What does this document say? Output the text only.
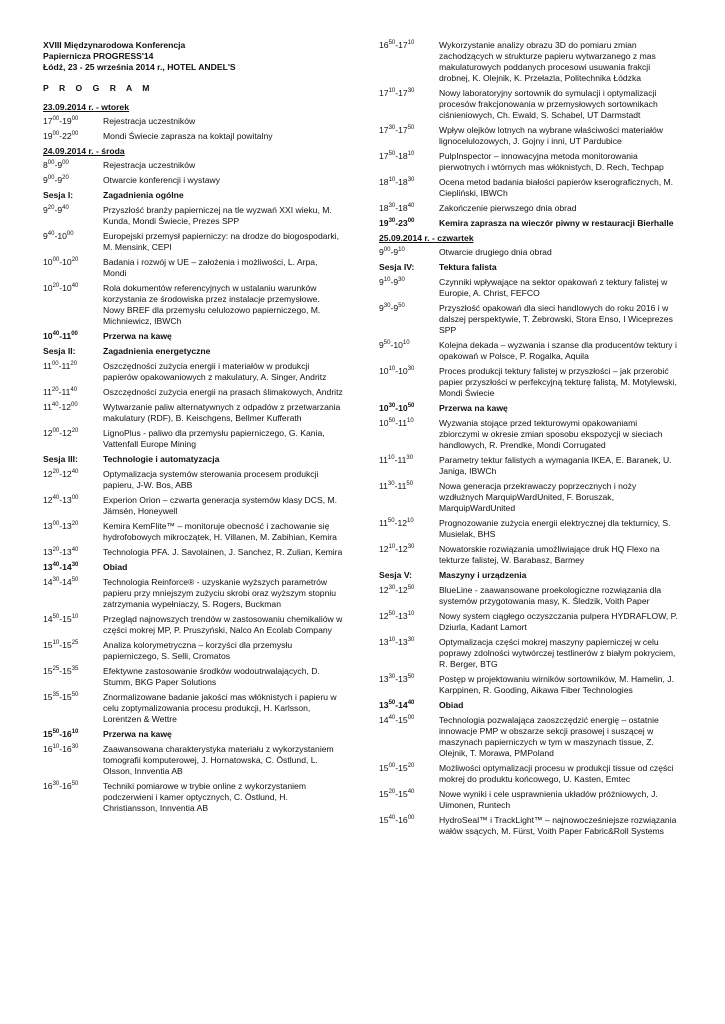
XVIII Międzynarodowa Konferencja

Papiernicza PROGRESS'14

Łódź, 23 - 25 września 2014 r., HOTEL ANDEL'S

P R O G R A M

23.09.2014 r. - wtorek
$17^{00}-19^{00}$	Rejestracja uczestników
$19^{00}-22^{00}$	Mondi Świecie zaprasza na koktajl powitalny
24.09.2014 r. - środa
$8^{00}-9^{00}$	Rejestracja uczestników
$9^{00}-9^{20}$	Otwarcie konferencji i wystawy
Sesja I:	Zagadnienia ogólne
$9^{20}-9^{40}$	Przyszłość branży papierniczej na tle wyzwań XXI wieku, M. Kunda, Mondi Świecie, Prezes SPP
$9^{40}-10^{00}$	Europejski przemysł papierniczy: na drodze do biogospodarki, M. Mensink, CEPI
$10^{00}-10^{20}$	Badania i rozwój w UE – założenia i możliwości, L. Arpa, Mondi
$10^{20}-10^{40}$	Rola dokumentów referencyjnych w ustalaniu warunków korzystania ze środowiska przez instalacje przemysłowe. Nowy BREF dla przemysłu celulozowo papierniczego, M. Michniewicz, IBWCh
$10^{40}-11^{00}$	Przerwa na kawę
Sesja II:	Zagadnienia energetyczne
$11^{00}-11^{20}$	Oszczędności zużycia energii i materiałów w produkcji papierów opakowaniowych z makulatury, A. Singer, Andritz
$11^{20}-11^{40}$	Oszczędności zużycia energii na prasach ślimakowych, Andritz
$11^{40}-12^{00}$	Wytwarzanie paliw alternatywnych z odpadów z przetwarzania makulatury (RDF), B. Keischgens, Bellmer Kufferath
$12^{00}-12^{20}$	LignoPlus - paliwo dla przemysłu papierniczego, G. Kania, Vattenfall Europe Mining
Sesja III:	Technologie i automatyzacja
$12^{20}-12^{40}$	Optymalizacja systemów sterowania procesem produkcji papieru, J-W. Bos, ABB
$12^{40}-13^{00}$	Experion Orion – czwarta generacja systemów klasy DCS, M. Jämsén, Honeywell
$13^{00}-13^{20}$	Kemira KemFlite™ – monitoruje obecność i zachowanie się hydrofobowych mikroczątek, H. Villanen, M. Zabihian, Kemira
$13^{20}-13^{40}$	Technologia PFA. J. Savolainen, J. Sanchez, R. Zulian, Kemira
$13^{40}-14^{30}$	Obiad
$14^{30}-14^{50}$	Technologia Reinforce® - uzyskanie wyższych parametrów papieru przy mniejszym zużyciu skrobi oraz wyższym stopniu zatrzymania wypełniaczy, S. Rogers, Buckman
$14^{50}-15^{10}$	Przegląd najnowszych trendów w zastosowaniu chemikaliów w części mokrej MP, P. Pruszyński, Nalco An Ecolab Company
$15^{10}-15^{25}$	Analiza kolorymetryczna – korzyści dla przemysłu papierniczego, S. Selli, Cromatos
$15^{25}-15^{35}$	Efektywne zastosowanie środków wodoutrwalających, D. Stumm, BKG Paper Solutions
$15^{35}-15^{50}$	Znormalizowane badanie jakości mas włóknistych i papieru w celu zoptymalizowania procesu produkcji, H. Karlsson, Lorentzen & Wettre
$15^{50}-16^{10}$	Przerwa na kawę
$16^{10}-16^{30}$	Zaawansowana charakterystyka materiału z wykorzystaniem tomografii komputerowej, J. Hornatowska, C. Östlund, L. Olsson, Innventia AB
$16^{30}-16^{50}$	Techniki pomiarowe w trybie online z wykorzystaniem podczerwieni i kamer optycznych, C. Östlund, H. Christiansson, Innventia AB
$16^{50}-17^{10}$	Wykorzystanie analizy obrazu 3D do pomiaru zmian zachodzących w strukturze papieru wytwarzanego z mas makulaturowych poddanych procesowi usuwania frakcji drobnej, K. Olejnik, K. Przełazla, Politechnika Łódzka
$17^{10}-17^{30}$	Nowy laboratoryjny sortownik do symulacji i optymalizacji procesów frakcjonowania w przemysłowych sortownikach ciśnieniowych, Ch. Ewald, S. Schabel, UT Darmstadt
$17^{30}-17^{50}$	Wpływ olejków lotnych na wybrane właściwości materiałów lignocelulozowych, J. Gojny i inni, UT Pardubice
$17^{50}-18^{10}$	PulpInspector – innowacyjna metoda monitorowania pierwotnych i wtórnych mas włóknistych, D. Rech, Techpap
$18^{10}-18^{30}$	Ocena metod badania białości papierów kserograficznych, M. Ciepliński, IBWCh
$18^{30}-18^{40}$	Zakończenie pierwszego dnia obrad
$19^{30}-23^{00}$	Kemira zaprasza na wieczór piwny w restauracji Bierhalle
25.09.2014 r. - czwartek
$9^{00}-9^{10}$	Otwarcie drugiego dnia obrad
Sesja IV:	Tektura falista
$9^{10}-9^{30}$	Czynniki wpływające na sektor opakowań z tektury falistej w Europie, A. Christ, FEFCO
$9^{30}-9^{50}$	Przyszłość opakowań dla sieci handlowych do roku 2016 i w dalszej perspektywie, T. Żebrowski, Stora Enso, I Wiceprezes SPP
$9^{50}-10^{10}$	Kolejna dekada – wyzwania i szanse dla producentów tektury i opakowań w Polsce, P. Rogalka, Aquila
$10^{10}-10^{30}$	Proces produkcji tektury falistej w przyszłości – jak przerobić papier przyszłości w perfekcyjną tekturę falistą, M. Motylewski, Mondi Świecie
$10^{30}-10^{50}$	Przerwa na kawę
$10^{50}-11^{10}$	Wyzwania stojące przed tekturowymi opakowaniami zbiorczymi w okresie zmian sposobu ekspozycji w sieciach handlowych, R. Prendke, Mondi Corrugated
$11^{10}-11^{30}$	Parametry tektur falistych a wymagania IKEA, E. Baranek, U. Janiga, IBWCh
$11^{30}-11^{50}$	Nowa generacja przekrawaczy poprzecznych i noży wzdłużnych MarquipWardUnited, F. Boruszak, MarquipWardUnited
$11^{50}-12^{10}$	Prognozowanie zużycia energii elektrycznej dla tekturnicy, S. Musielak, BHS
$12^{10}-12^{30}$	Nowatorskie rozwiązania umożliwiające druk HQ Flexo na tekturze falistej, W. Barabasz, Barmey
Sesja V:	Maszyny i urządzenia
$12^{30}-12^{50}$	BlueLine - zaawansowane proekologiczne rozwiązania dla systemów przygotowania masy, K. Śledzik, Voith Paper
$12^{50}-13^{10}$	Nowy system ciągłego oczyszczania pulpera HYDRAFLOW, P. Dziurla, Kadant Lamort
$13^{10}-13^{30}$	Optymalizacja części mokrej maszyny papierniczej w celu poprawy zdolności wytwórczej testlinerów z białym pokryciem, R. Berger, BTG
$13^{30}-13^{50}$	Postęp w projektowaniu wirników sortowników, M. Hamelin, J. Karppinen, R. Gooding, Aikawa Fiber Technologies
$13^{50}-14^{40}$	Obiad
$14^{40}-15^{00}$	Technologia pozwalająca zaoszczędzić energię – ostatnie innowacje PMP w obszarze sekcji prasowej i suszącej w maszynach papierniczych w tym w maszynach tissue, Z. Olejnik, T. Morawa, PMPoland
$15^{00}-15^{20}$	Możliwości optymalizacji procesu w produkcji tissue od części mokrej do produktu końcowego, U. Kasten, Emtec
$15^{20}-15^{40}$	Nowe wyniki i cele usprawnienia układów próżniowych, J. Uimonen, Runtech
$15^{40}-16^{00}$	HydroSeal™ i TrackLight™ – najnowocześniejsze rozwiązania wałów ssących, M. Fürst, Voith Paper Fabric&Roll Systems
